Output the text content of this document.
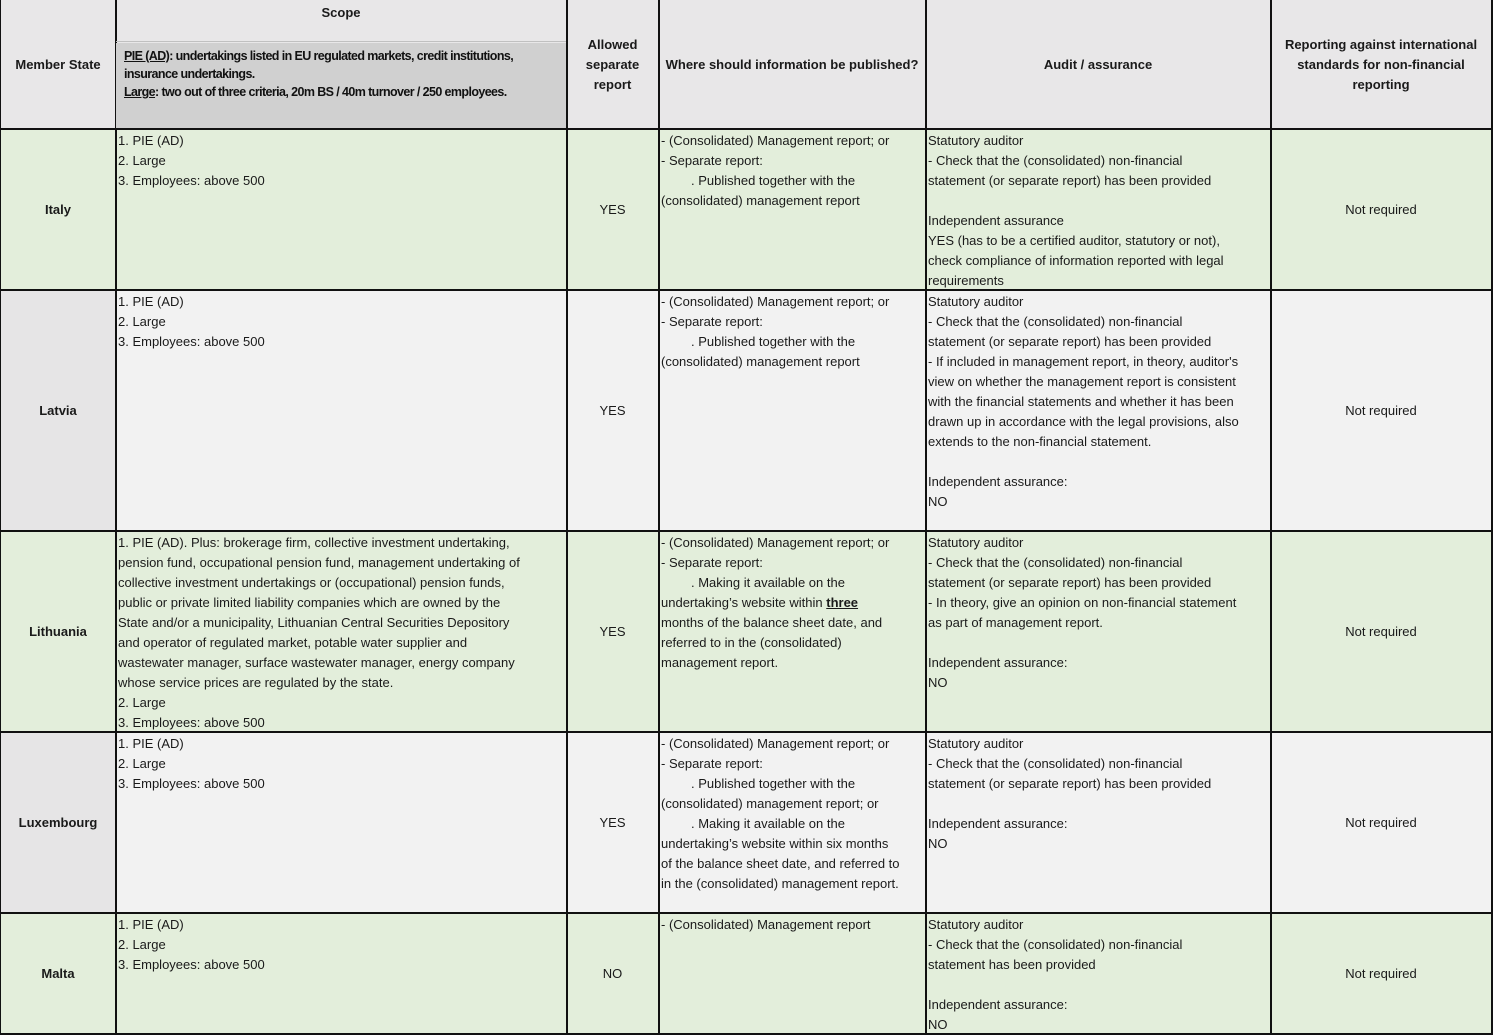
Member State
Scope
PIE (AD): undertakings listed in EU regulated markets, credit institutions, insurance undertakings.
Large: two out of three criteria, 20m BS / 40m turnover / 250 employees.
Allowed separate report
Where should information be published?	Audit / assurance
Reporting against international standards for non-financial reporting
Italy
1. PIE (AD)
2. Large
3. Employees: above 500
YES
- (Consolidated) Management report; or
- Separate report:
. Published together with the
(consolidated) management report
Statutory auditor
- Check that the (consolidated) non-financial
statement (or separate report) has been provided
Independent assurance
YES (has to be a certified auditor, statutory or not),
check compliance of information reported with legal
requirements
Not required
Latvia
1. PIE (AD)
2. Large
3. Employees: above 500
YES
- (Consolidated) Management report; or
- Separate report:
. Published together with the
(consolidated) management report
Statutory auditor
- Check that the (consolidated) non-financial
statement (or separate report) has been provided
- If included in management report, in theory, auditor's
view on whether the management report is consistent
with the financial statements and whether it has been
drawn up in accordance with the legal provisions, also
extends to the non-financial statement.
Independent assurance:
NO
Not required
Lithuania
1. PIE (AD). Plus: brokerage firm, collective investment undertaking,
pension fund, occupational pension fund, management undertaking of
collective investment undertakings or (occupational) pension funds,
public or private limited liability companies which are owned by the
State and/or a municipality, Lithuanian Central Securities Depository
and operator of regulated market, potable water supplier and
wastewater manager, surface wastewater manager, energy company
whose service prices are regulated by the state.
2. Large
3. Employees: above 500
YES
- (Consolidated) Management report; or
- Separate report:
. Making it available on the
undertaking’s website within three
months of the balance sheet date, and
referred to in the (consolidated)
management report.
Statutory auditor
- Check that the (consolidated) non-financial
statement (or separate report) has been provided
- In theory, give an opinion on non-financial statement
as part of management report.
Independent assurance:
NO
Not required
Luxembourg
1. PIE (AD)
2. Large
3. Employees: above 500
YES
- (Consolidated) Management report; or
- Separate report:
. Published together with the
(consolidated) management report; or
. Making it available on the
undertaking’s website within six months
of the balance sheet date, and referred to
in the (consolidated) management report.
Statutory auditor
- Check that the (consolidated) non-financial
statement (or separate report) has been provided
Independent assurance:
NO
Not required
Malta
1. PIE (AD)
2. Large
3. Employees: above 500
NO
- (Consolidated) Management report	Statutory auditor
- Check that the (consolidated) non-financial
statement has been provided
Independent assurance:
NO
Not required
